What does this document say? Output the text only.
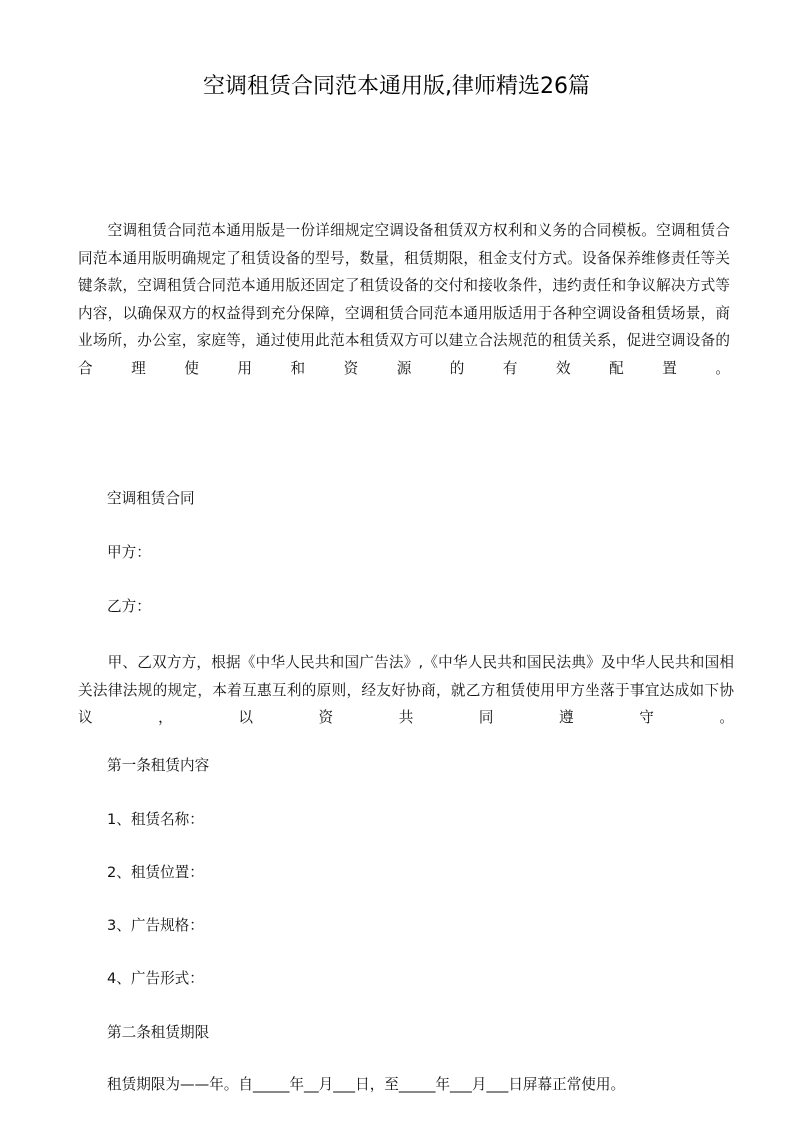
空调租赁合同范本通用版,律师精选26篇

　　空调租赁合同范本通用版是一份详细规定空调设备租赁双方权利和义务的合同模板。空调租赁合同范本通用版明确规定了租赁设备的型号，数量，租赁期限，租金支付方式。设备保养维修责任等关键条款，空调租赁合同范本通用版还固定了租赁设备的交付和接收条件，违约责任和争议解决方式等内容，以确保双方的权益得到充分保障，空调租赁合同范本通用版适用于各种空调设备租赁场景，商业场所，办公室，家庭等，通过使用此范本租赁双方可以建立合法规范的租赁关系，促进空调设备的合理使用和资源的有效配置。

空调租赁合同
甲方：
乙方：

　　甲、乙双方方，根据《中华人民共和国广告法》,《中华人民共和国民法典》及中华人民共和国相关法律法规的规定，本着互惠互利的原则，经友好协商，就乙方租赁使用甲方坐落于事宜达成如下协议，以资共同遵守。

第一条租赁内容
1、租赁名称：
2、租赁位置：
3、广告规格：
4、广告形式：
第二条租赁期限
租赁期限为——年。自_____年__月___日，至_____年___月___日屏幕正常使用。
